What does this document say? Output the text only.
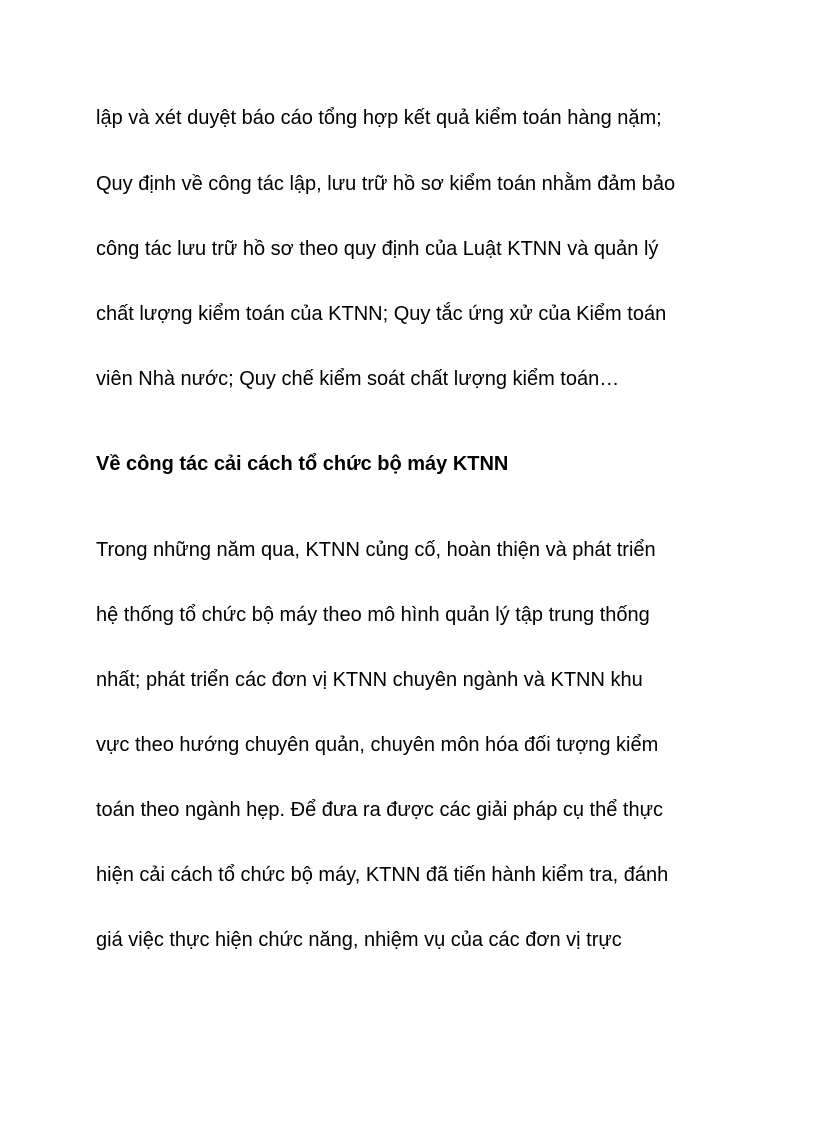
lập và xét duyệt báo cáo tổng hợp kết quả kiểm toán hàng nặm;
Quy định về công tác lập, lưu trữ hồ sơ kiểm toán nhằm đảm bảo
công tác lưu trữ hồ sơ theo quy định của Luật KTNN và quản lý
chất lượng kiểm toán của KTNN; Quy tắc ứng xử của Kiểm toán
viên Nhà nước; Quy chế kiểm soát chất lượng kiểm toán…
Về công tác cải cách tổ chức bộ máy KTNN
Trong những năm qua, KTNN củng cố, hoàn thiện và phát triển
hệ thống tổ chức bộ máy theo mô hình quản lý tập trung thống
nhất; phát triển các đơn vị KTNN chuyên ngành và KTNN khu
vực theo hướng chuyên quản, chuyên môn hóa đối tượng kiểm
toán theo ngành hẹp. Để đưa ra được các giải pháp cụ thể thực
hiện cải cách tổ chức bộ máy, KTNN đã tiến hành kiểm tra, đánh
giá việc thực hiện chức năng, nhiệm vụ của các đơn vị trực
